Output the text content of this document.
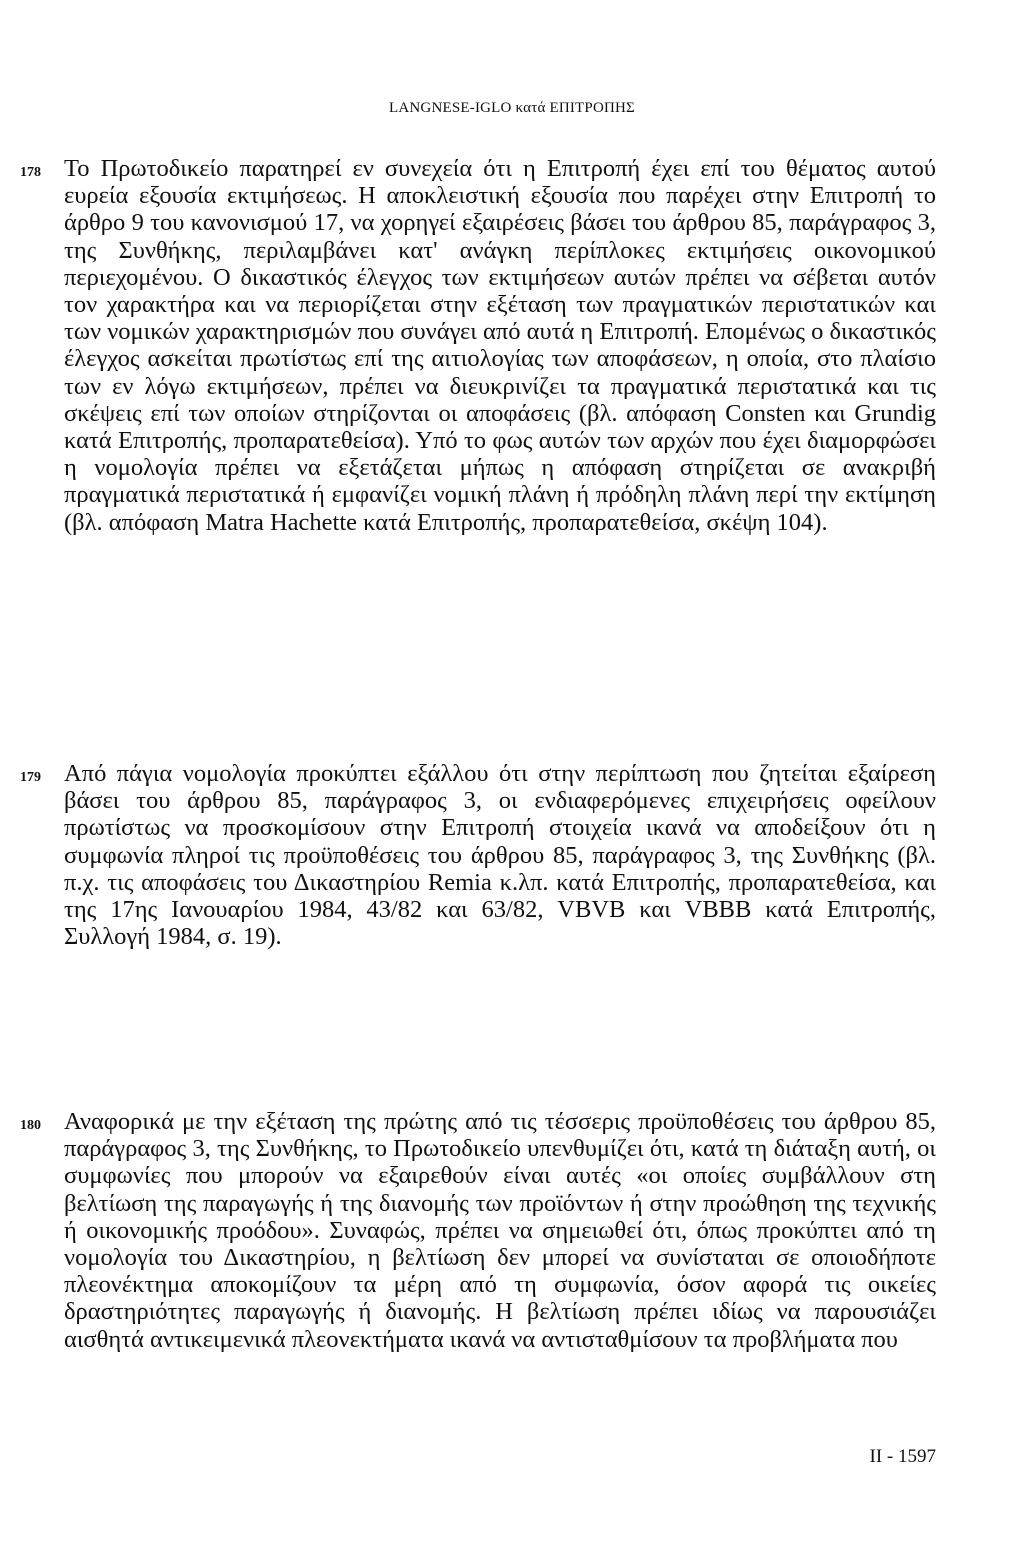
LANGNESE-IGLO κατά ΕΠΙΤΡΟΠΗΣ
178 Το Πρωτοδικείο παρατηρεί εν συνεχεία ότι η Επιτροπή έχει επί του θέματος αυτού ευρεία εξουσία εκτιμήσεως. Η αποκλειστική εξουσία που παρέχει στην Επιτροπή το άρθρο 9 του κανονισμού 17, να χορηγεί εξαιρέσεις βάσει του άρθρου 85, παράγραφος 3, της Συνθήκης, περιλαμβάνει κατ' ανάγκη περίπλοκες εκτιμήσεις οικονομικού περιεχομένου. Ο δικαστικός έλεγχος των εκτιμήσεων αυτών πρέπει να σέβεται αυτόν τον χαρακτήρα και να περιορίζεται στην εξέταση των πραγματικών περιστατικών και των νομικών χαρακτηρισμών που συνάγει από αυτά η Επιτροπή. Επομένως ο δικαστικός έλεγχος ασκείται πρωτίστως επί της αιτιολογίας των αποφάσεων, η οποία, στο πλαίσιο των εν λόγω εκτιμήσεων, πρέπει να διευκρινίζει τα πραγματικά περιστατικά και τις σκέψεις επί των οποίων στηρίζονται οι αποφάσεις (βλ. απόφαση Consten και Grundig κατά Επιτροπής, προπαρατεθείσα). Υπό το φως αυτών των αρχών που έχει διαμορφώσει η νομολογία πρέπει να εξετάζεται μήπως η απόφαση στηρίζεται σε ανακριβή πραγματικά περιστατικά ή εμφανίζει νομική πλάνη ή πρόδηλη πλάνη περί την εκτίμηση (βλ. απόφαση Matra Hachette κατά Επιτροπής, προπαρατεθείσα, σκέψη 104).
179 Από πάγια νομολογία προκύπτει εξάλλου ότι στην περίπτωση που ζητείται εξαίρεση βάσει του άρθρου 85, παράγραφος 3, οι ενδιαφερόμενες επιχειρήσεις οφείλουν πρωτίστως να προσκομίσουν στην Επιτροπή στοιχεία ικανά να αποδείξουν ότι η συμφωνία πληροί τις προϋποθέσεις του άρθρου 85, παράγραφος 3, της Συνθήκης (βλ. π.χ. τις αποφάσεις του Δικαστηρίου Remia κ.λπ. κατά Επιτροπής, προπαρατεθείσα, και της 17ης Ιανουαρίου 1984, 43/82 και 63/82, VBVB και VBBB κατά Επιτροπής, Συλλογή 1984, σ. 19).
180 Αναφορικά με την εξέταση της πρώτης από τις τέσσερις προϋποθέσεις του άρθρου 85, παράγραφος 3, της Συνθήκης, το Πρωτοδικείο υπενθυμίζει ότι, κατά τη διάταξη αυτή, οι συμφωνίες που μπορούν να εξαιρεθούν είναι αυτές «οι οποίες συμβάλλουν στη βελτίωση της παραγωγής ή της διανομής των προϊόντων ή στην προώθηση της τεχνικής ή οικονομικής προόδου». Συναφώς, πρέπει να σημειωθεί ότι, όπως προκύπτει από τη νομολογία του Δικαστηρίου, η βελτίωση δεν μπορεί να συνίσταται σε οποιοδήποτε πλεονέκτημα αποκομίζουν τα μέρη από τη συμφωνία, όσον αφορά τις οικείες δραστηριότητες παραγωγής ή διανομής. Η βελτίωση πρέπει ιδίως να παρουσιάζει αισθητά αντικειμενικά πλεονεκτήματα ικανά να αντισταθμίσουν τα προβλήματα που
II - 1597
